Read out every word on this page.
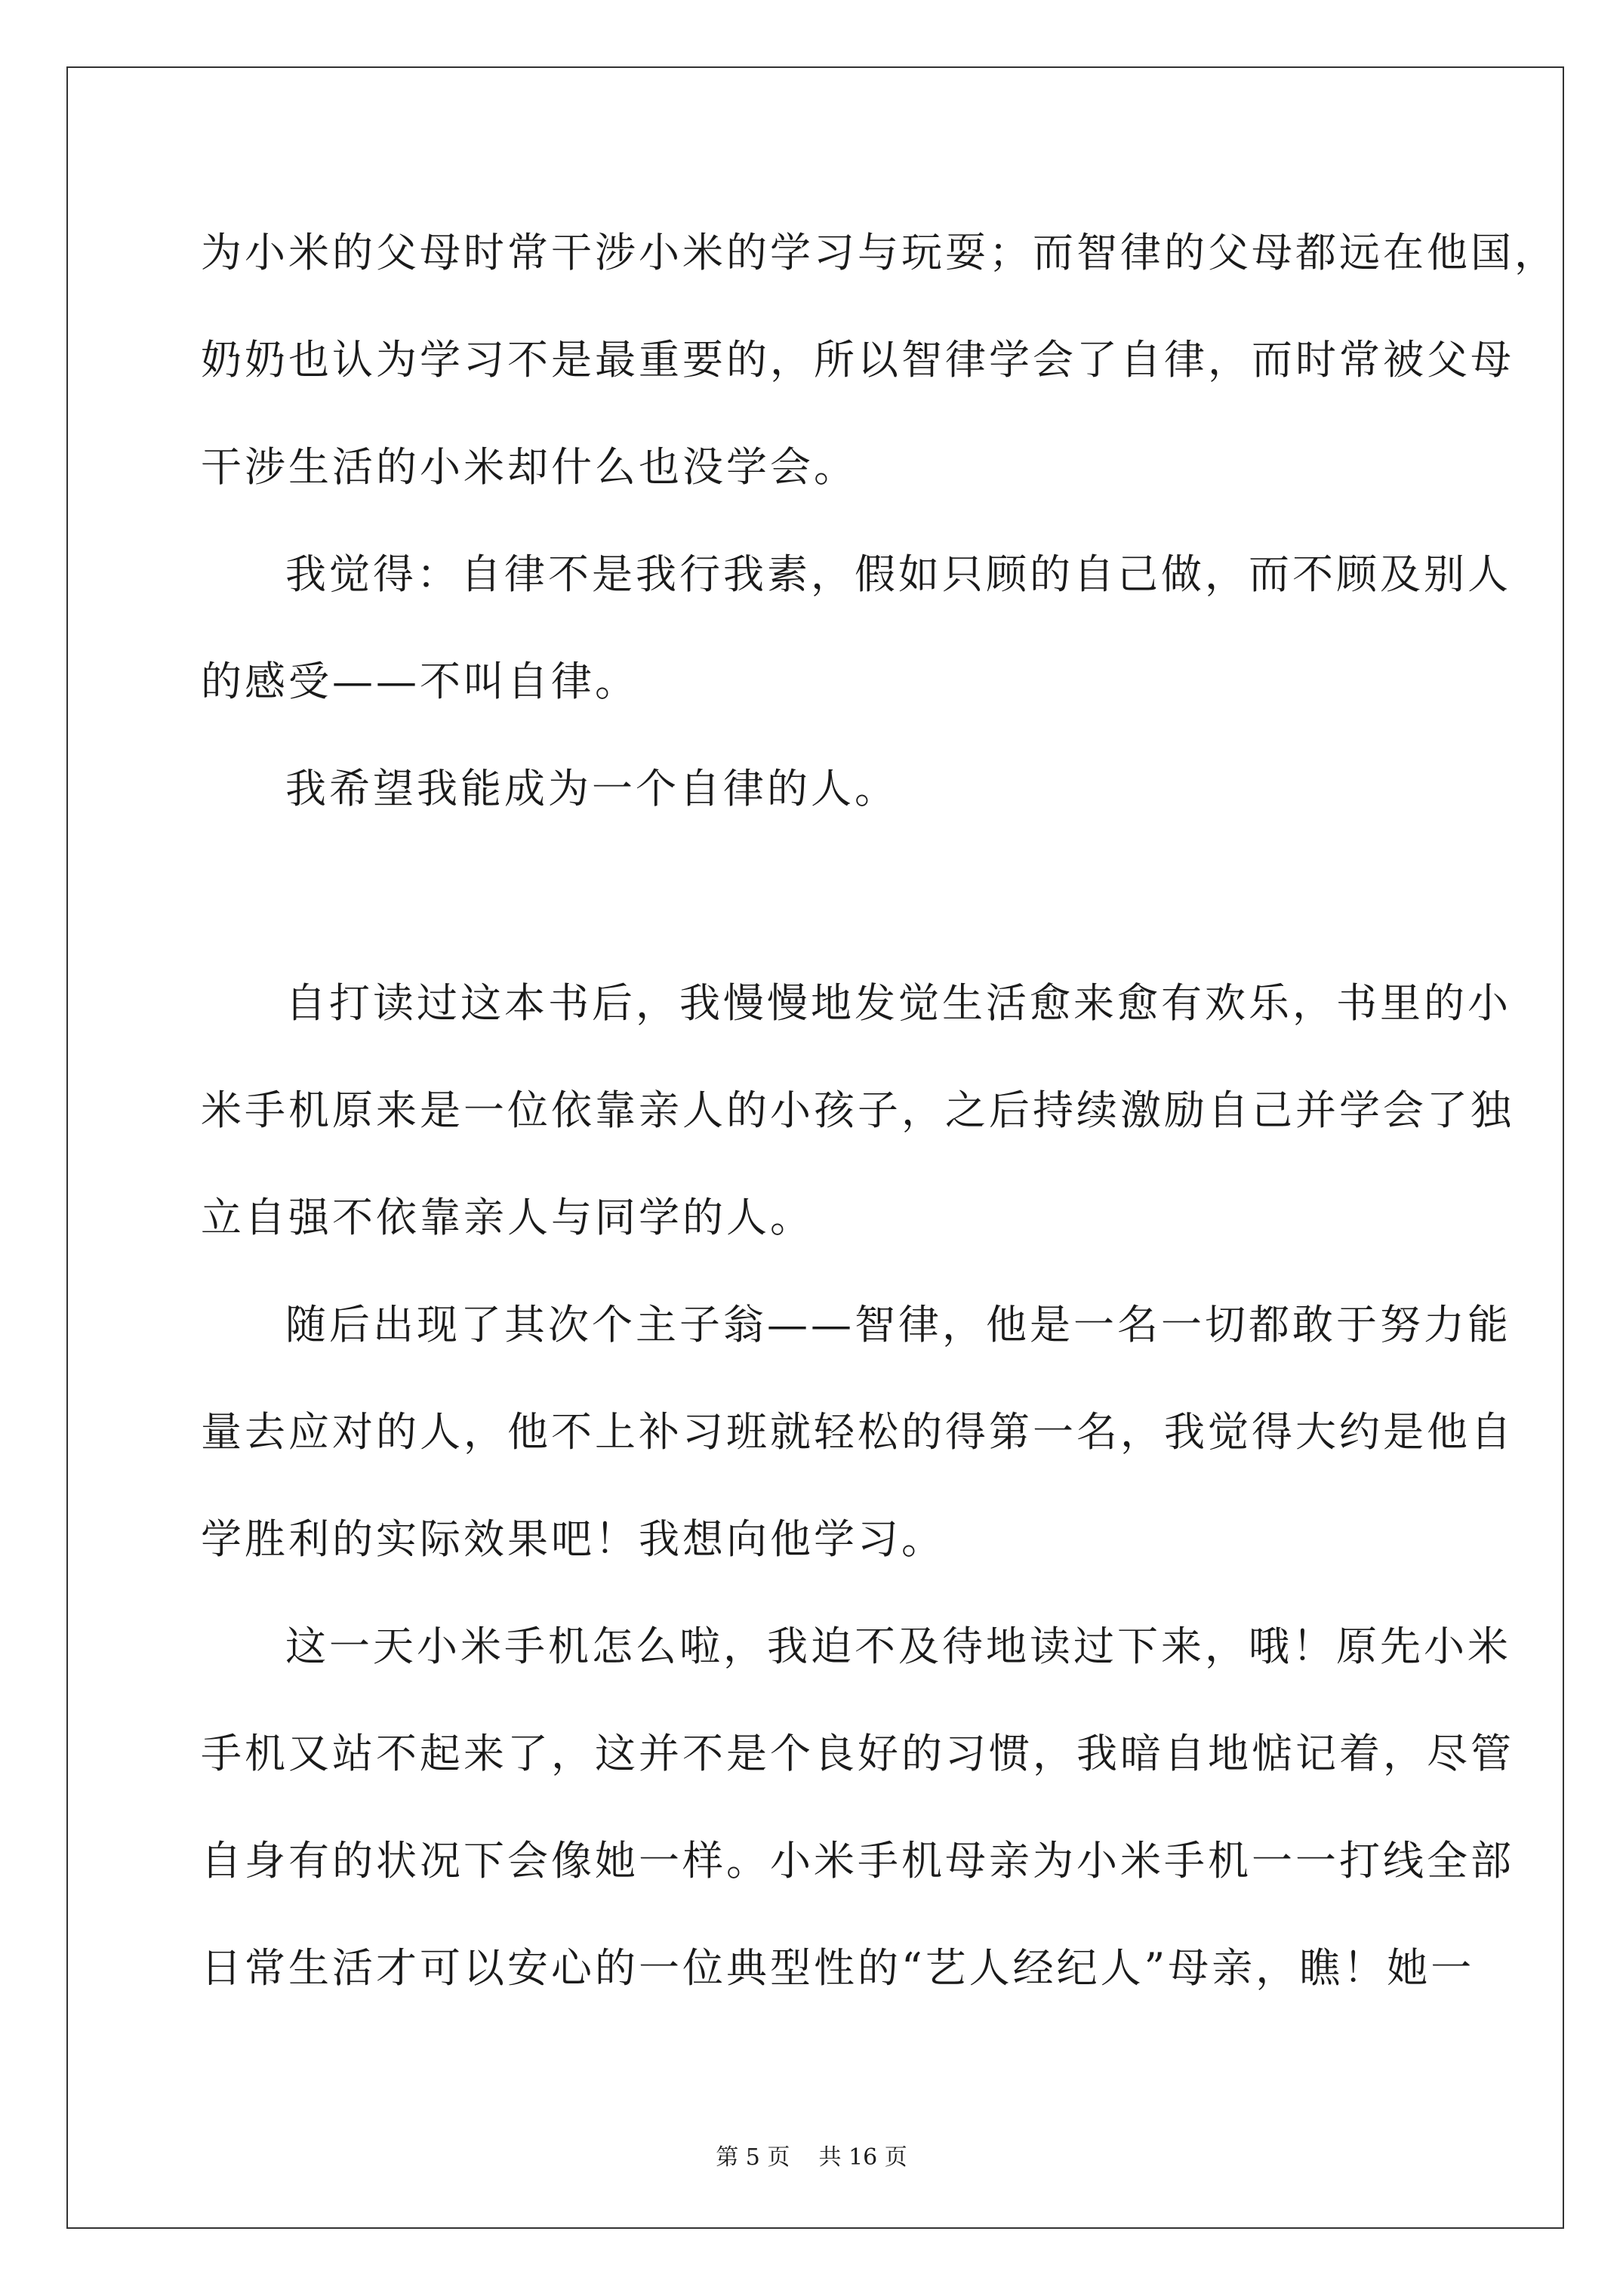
为小米的父母时常干涉小米的学习与玩耍；而智律的父母都远在他国，
奶奶也认为学习不是最重要的，所以智律学会了自律，而时常被父母
干涉生活的小米却什么也没学会。
我觉得：自律不是我行我素，假如只顾的自己做，而不顾及别人
的感受——不叫自律。
我希望我能成为一个自律的人。
自打读过这本书后，我慢慢地发觉生活愈来愈有欢乐，书里的小
米手机原来是一位依靠亲人的小孩子，之后持续激励自己并学会了独
立自强不依靠亲人与同学的人。
随后出现了其次个主子翁——智律，他是一名一切都敢于努力能
量去应对的人，他不上补习班就轻松的得第一名，我觉得大约是他自
学胜利的实际效果吧！我想向他学习。
这一天小米手机怎么啦，我迫不及待地读过下来，哦！原先小米
手机又站不起来了，这并不是个良好的习惯，我暗自地惦记着，尽管
自身有的状况下会像她一样。小米手机母亲为小米手机一一打线全部
日常生活才可以安心的一位典型性的“艺人经纪人”母亲，瞧！她一
第 5 页 共 16 页
